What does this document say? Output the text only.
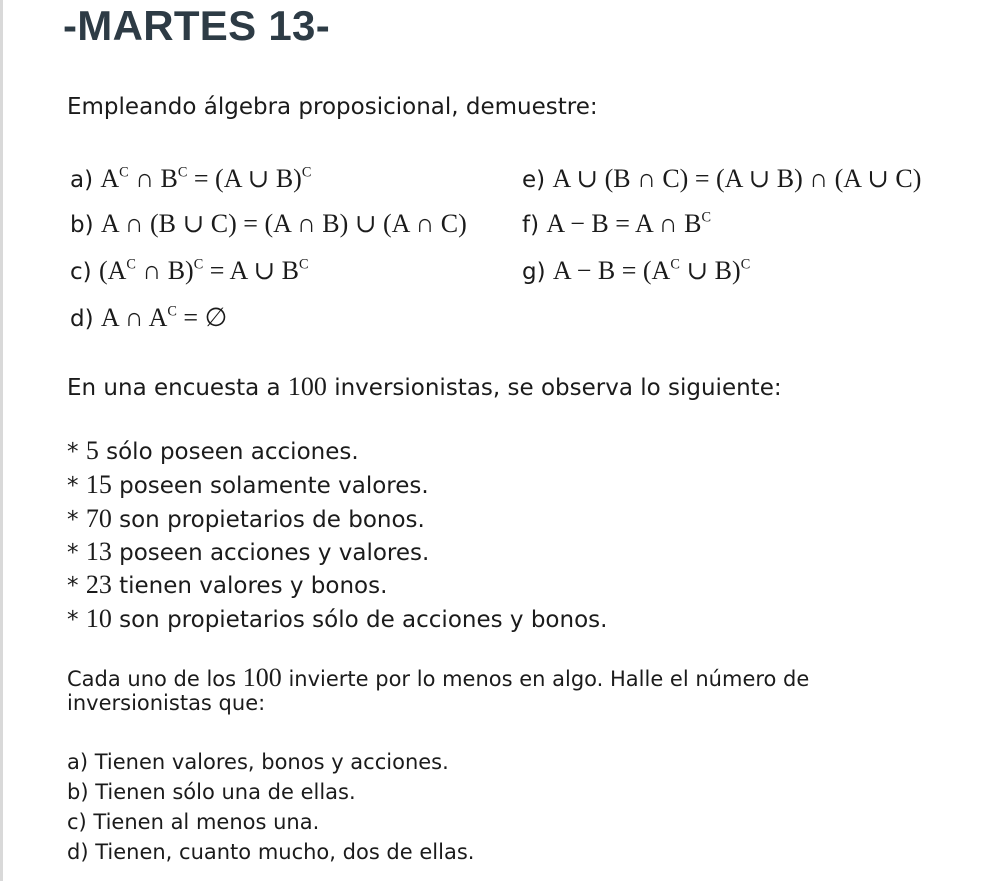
-MARTES 13-
Empleando álgebra proposicional, demuestre:
a) $A^C$ ∩ $B^C = (A$ ∪ B)$^C$
b) A ∩ (B ∪ C) = (A ∩ B) ∪ (A ∩ C)
c) ($A^C$ ∩ B)$^C$ = A ∪ $B^C$
d) A ∩ $A^C$ = ∅
e) A ∪ (B ∩ C) = (A ∪ B) ∩ (A ∪ C)
f) A − B = A ∩ $B^C$
g) $A - B = (A^C$ ∪ B)$^C$
En una encuesta a 100 inversionistas, se observa lo siguiente:
* 5 sólo poseen acciones.
* 15 poseen solamente valores.
* 70 son propietarios de bonos.
* 13 poseen acciones y valores.
* 23 tienen valores y bonos.
* 10 son propietarios sólo de acciones y bonos.
Cada uno de los 100 invierte por lo menos en algo. Halle el número de
inversionistas que:
a) Tienen valores, bonos y acciones.
b) Tienen sólo una de ellas.
c) Tienen al menos una.
d) Tienen, cuanto mucho, dos de ellas.
